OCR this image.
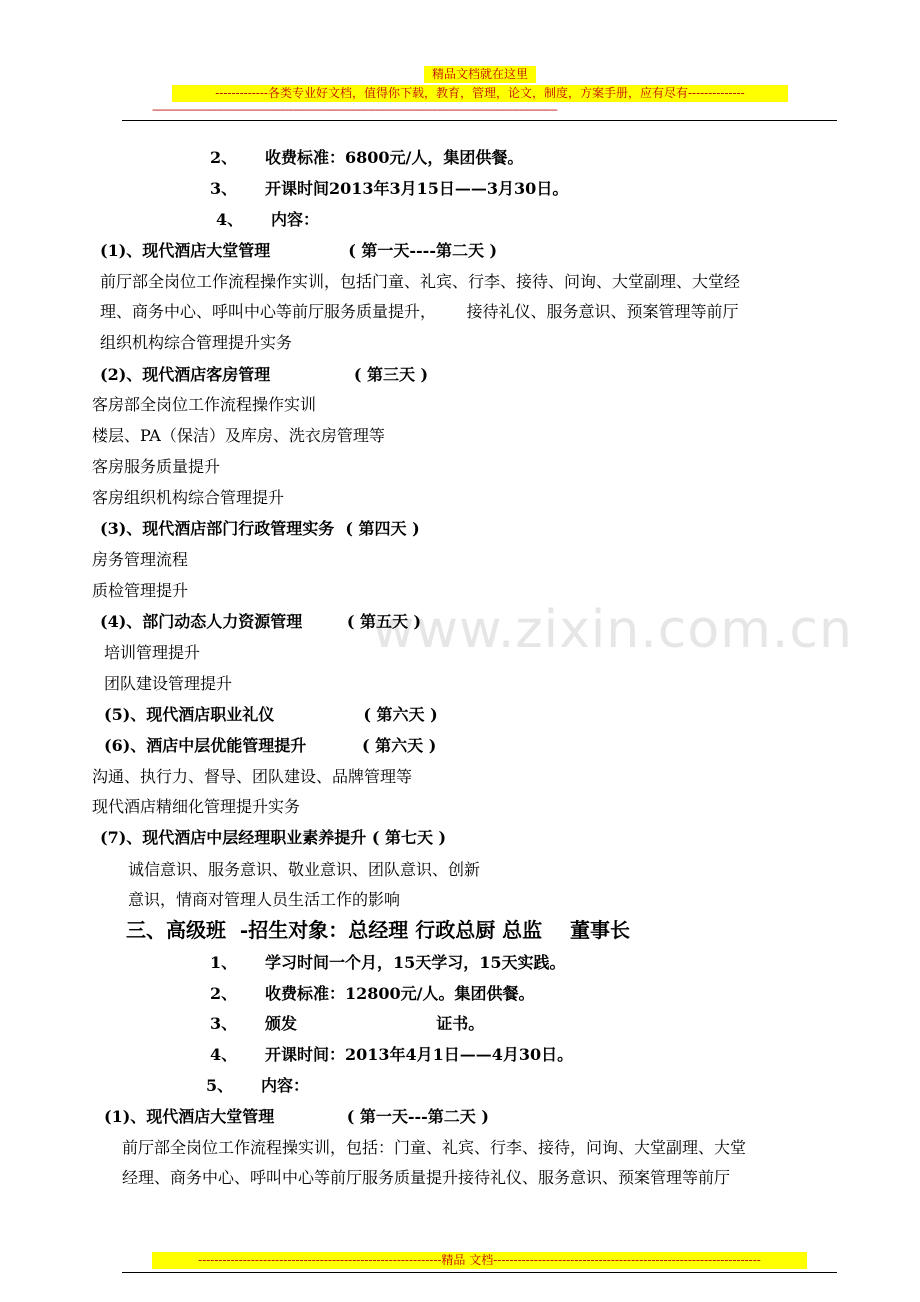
精品文档就在这里
-------------各类专业好文档，值得你下载，教育，管理，论文，制度，方案手册，应有尽有--------------
-----------------------------------------------------------------------------------------------------------------------------------------------------
www.zixin.com.cn
2、     收费标准：6800元/人，集团供餐。
3、     开课时间2013年3月15日——3月30日。
4、     内容：
(1)、现代酒店大堂管理              ( 第一天----第二天 )
前厅部全岗位工作流程操作实训，包括门童、礼宾、行李、接待、问询、大堂副理、大堂经
理、商务中心、呼叫中心等前厅服务质量提升，      接待礼仪、服务意识、预案管理等前厅
组织机构综合管理提升实务
(2)、现代酒店客房管理               ( 第三天 )
客房部全岗位工作流程操作实训
楼层、PA（保洁）及库房、洗衣房管理等
客房服务质量提升
客房组织机构综合管理提升
(3)、现代酒店部门行政管理实务  ( 第四天 )
房务管理流程
质检管理提升
(4)、部门动态人力资源管理        ( 第五天 )
培训管理提升
团队建设管理提升
(5)、现代酒店职业礼仪                ( 第六天 )
(6)、酒店中层优能管理提升          ( 第六天 )
沟通、执行力、督导、团队建设、品牌管理等
现代酒店精细化管理提升实务
(7)、现代酒店中层经理职业素养提升 ( 第七天 )
诚信意识、服务意识、敬业意识、团队意识、创新
意识，情商对管理人员生活工作的影响
三、高级班  -招生对象：总经理 行政总厨 总监    董事长
1、     学习时间一个月，15天学习，15天实践。
2、     收费标准：12800元/人。集团供餐。
3、     颁发                         证书。
4、     开课时间：2013年4月1日——4月30日。
5、     内容：
(1)、现代酒店大堂管理             ( 第一天---第二天 )
前厅部全岗位工作流程操实训，包括：门童、礼宾、行李、接待，问询、大堂副理、大堂
经理、商务中心、呼叫中心等前厅服务质量提升接待礼仪、服务意识、预案管理等前厅
------------------------------------------------------------精品 文档------------------------------------------------------------------
